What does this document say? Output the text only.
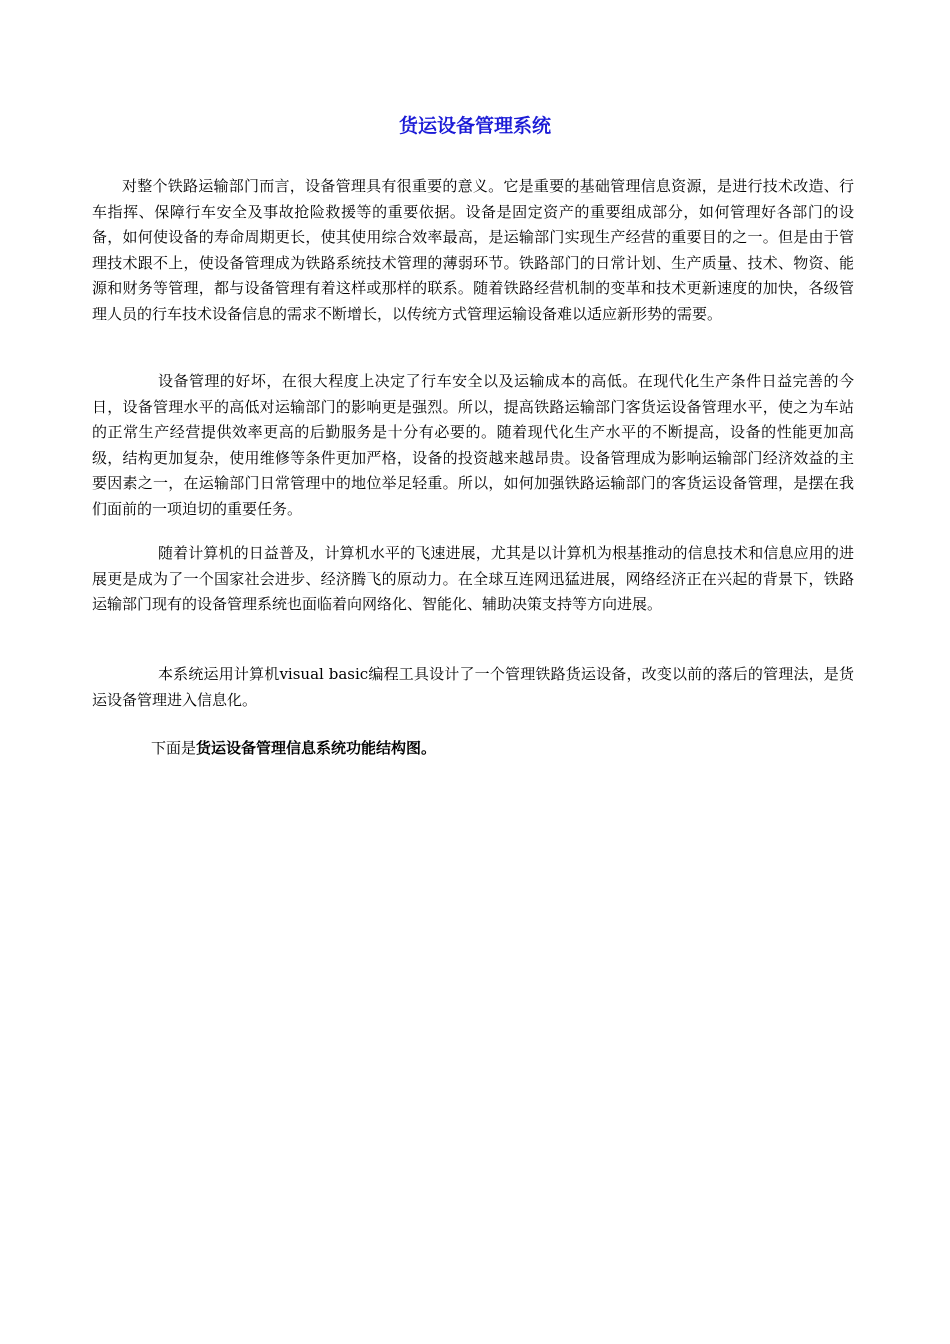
货运设备管理系统

对整个铁路运输部门而言，设备管理具有很重要的意义。它是重要的基础管理信息资源，是进行技术改造、行车指挥、保障行车安全及事故抢险救援等的重要依据。设备是固定资产的重要组成部分，如何管理好各部门的设备，如何使设备的寿命周期更长，使其使用综合效率最高，是运输部门实现生产经营的重要目的之一。但是由于管理技术跟不上，使设备管理成为铁路系统技术管理的薄弱环节。铁路部门的日常计划、生产质量、技术、物资、能源和财务等管理，都与设备管理有着这样或那样的联系。随着铁路经营机制的变革和技术更新速度的加快，各级管理人员的行车技术设备信息的需求不断增长，以传统方式管理运输设备难以适应新形势的需要。

设备管理的好坏，在很大程度上决定了行车安全以及运输成本的高低。在现代化生产条件日益完善的今日，设备管理水平的高低对运输部门的影响更是强烈。所以，提高铁路运输部门客货运设备管理水平，使之为车站的正常生产经营提供效率更高的后勤服务是十分有必要的。随着现代化生产水平的不断提高，设备的性能更加高级，结构更加复杂，使用维修等条件更加严格，设备的投资越来越昂贵。设备管理成为影响运输部门经济效益的主要因素之一，在运输部门日常管理中的地位举足轻重。所以，如何加强铁路运输部门的客货运设备管理，是摆在我们面前的一项迫切的重要任务。

随着计算机的日益普及，计算机水平的飞速进展，尤其是以计算机为根基推动的信息技术和信息应用的进展更是成为了一个国家社会进步、经济腾飞的原动力。在全球互连网迅猛进展，网络经济正在兴起的背景下，铁路运输部门现有的设备管理系统也面临着向网络化、智能化、辅助决策支持等方向进展。

本系统运用计算机visual basic编程工具设计了一个管理铁路货运设备，改变以前的落后的管理法，是货运设备管理进入信息化。

下面是货运设备管理信息系统功能结构图。
